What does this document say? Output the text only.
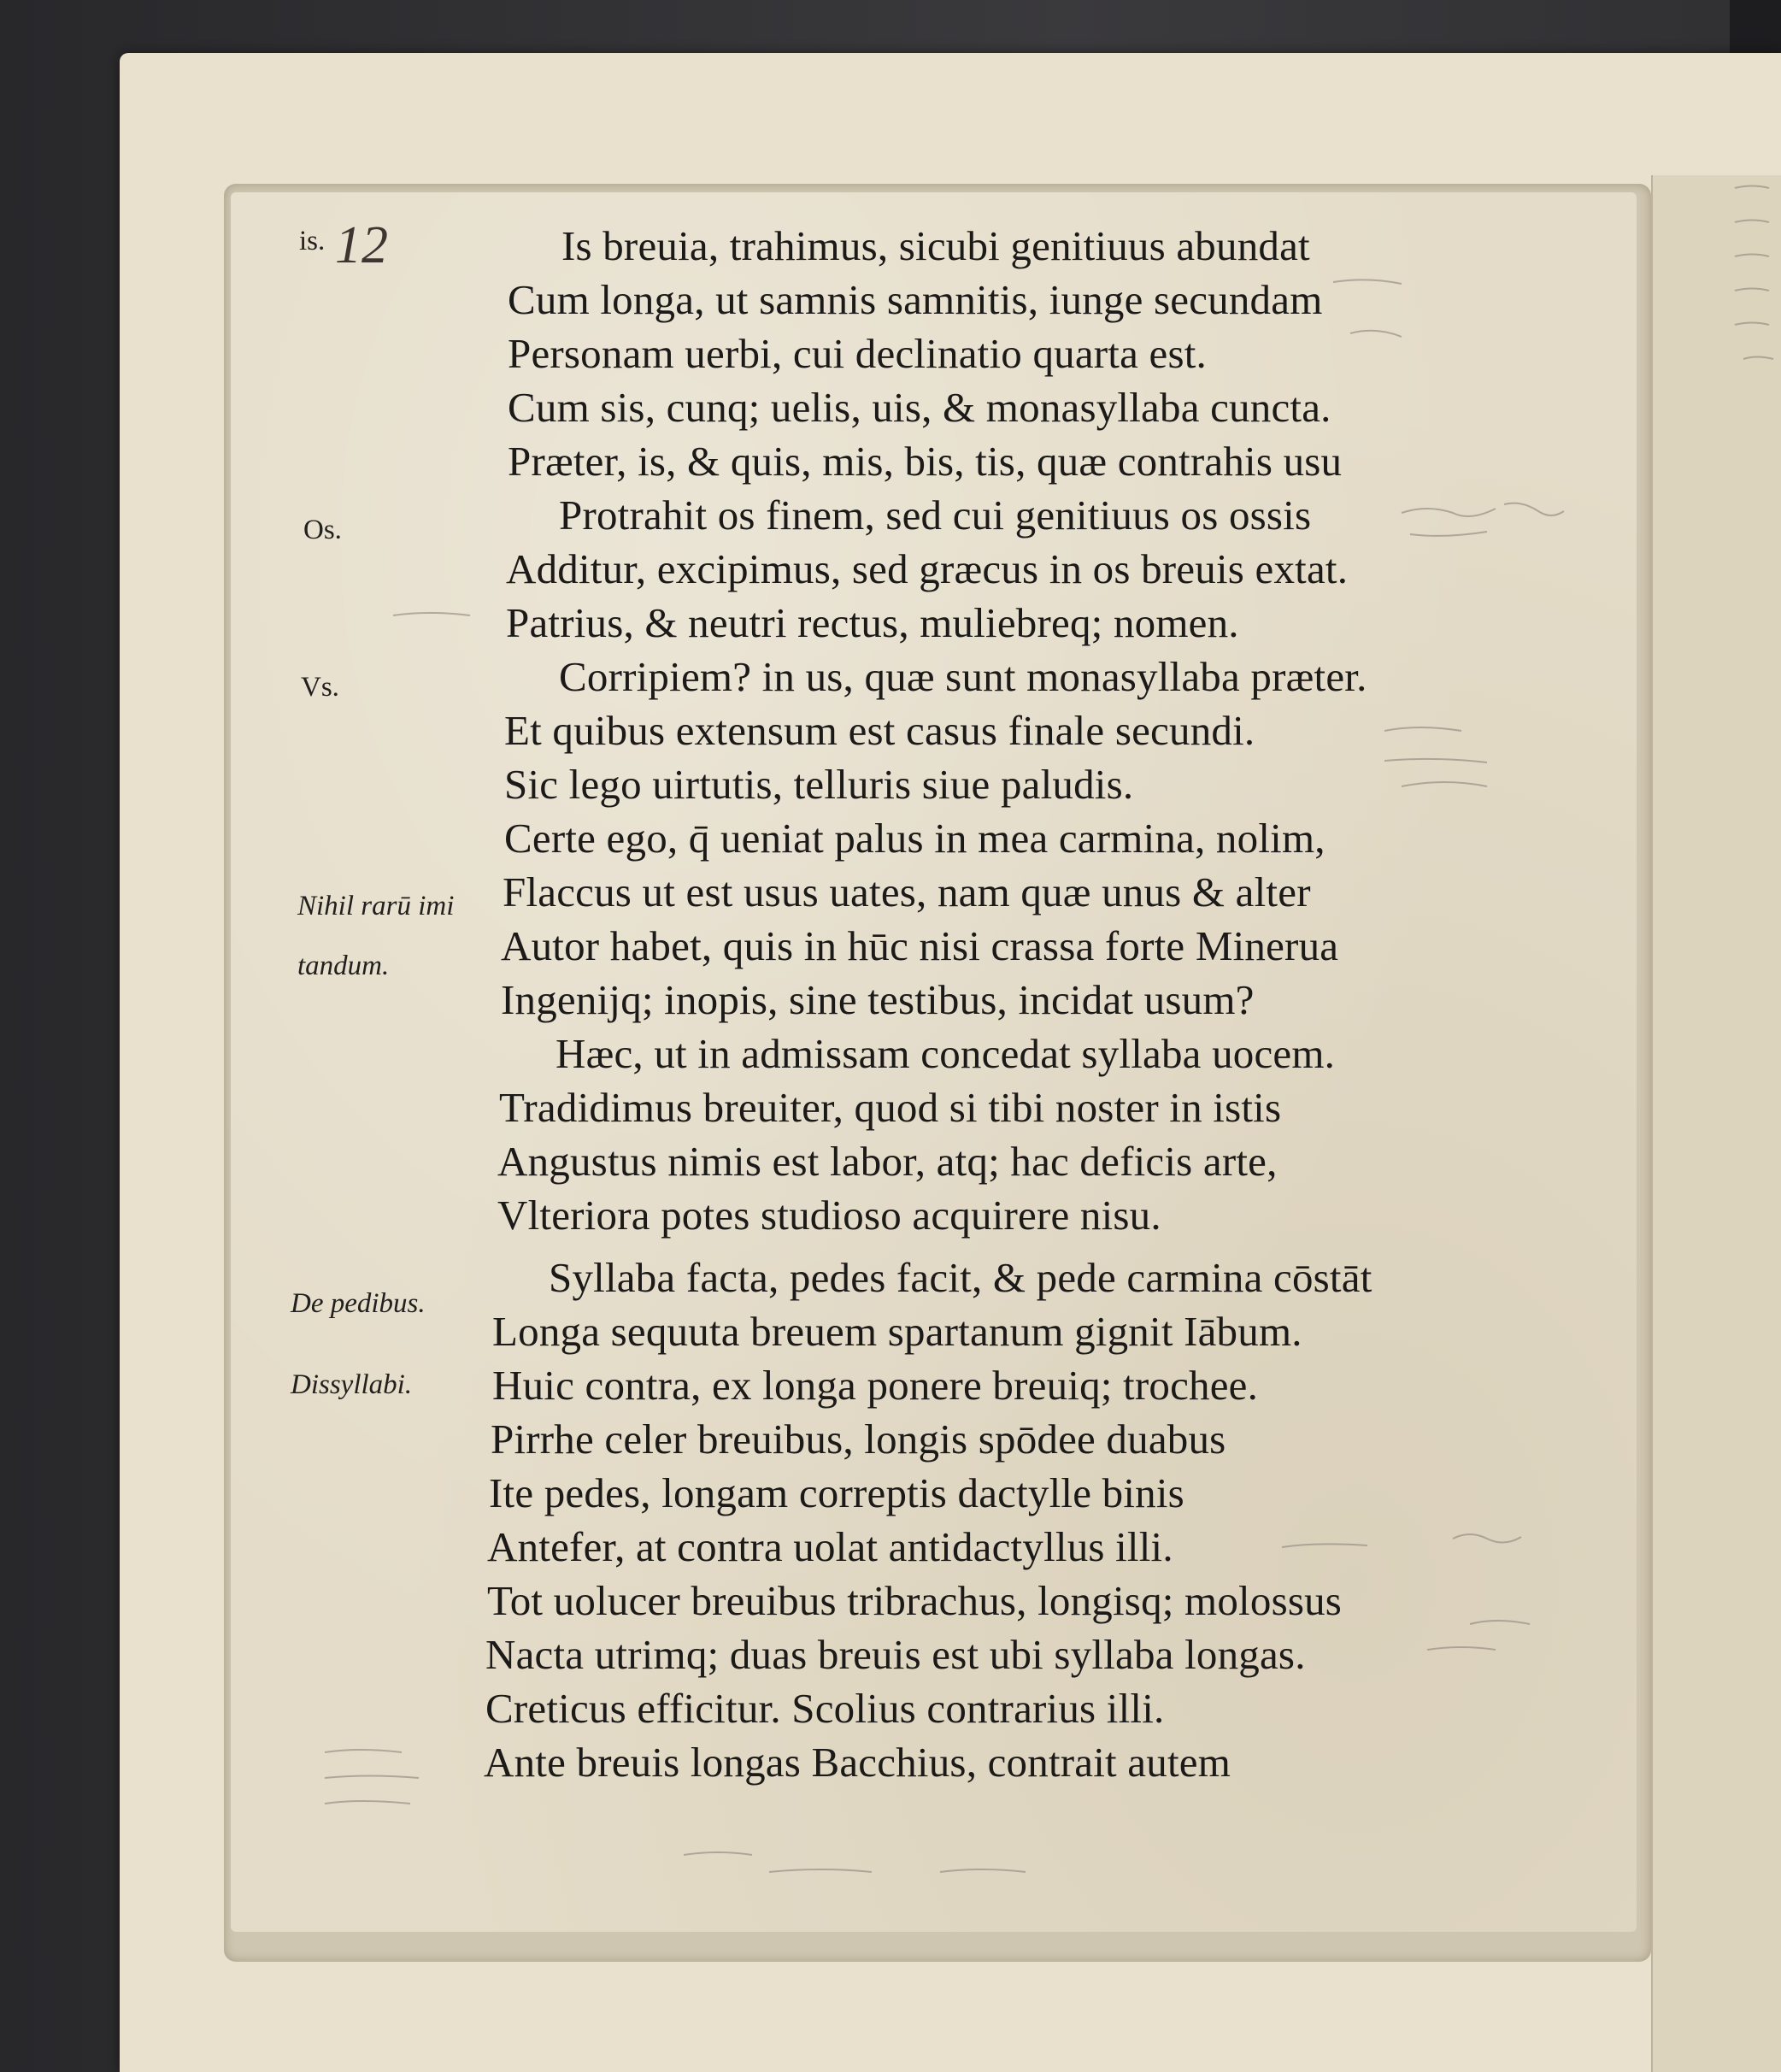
12
is.
Os.
Vs.
Nihil rarū imi
tandum.
De pedibus.
Dissyllabi.
Is breuia, trahimus, sicubi genitiuus abundat
Cum longa, ut samnis samnitis, iunge secundam
Personam uerbi, cui declinatio quarta est.
Cum sis, cunq; uelis, uis, & monasyllaba cuncta.
Præter, is, & quis, mis, bis, tis, quæ contrahis usu
Protrahit os finem, sed cui genitiuus os ossis
Additur, excipimus, sed græcus in os breuis extat.
Patrius, & neutri rectus, muliebreq; nomen.
Corripiem? in us, quæ sunt monasyllaba præter.
Et quibus extensum est casus finale secundi.
Sic lego uirtutis, telluris siue paludis.
Certe ego, q̄ ueniat palus in mea carmina, nolim,
Flaccus ut est usus uates, nam quæ unus & alter
Autor habet, quis in hūc nisi crassa forte Minerua
Ingenijq; inopis, sine testibus, incidat usum?
Hæc, ut in admissam concedat syllaba uocem.
Tradidimus breuiter, quod si tibi noster in istis
Angustus nimis est labor, atq; hac deficis arte,
Vlteriora potes studioso acquirere nisu.
Syllaba facta, pedes facit, & pede carmina cōstāt
Longa sequuta breuem spartanum gignit Iābum.
Huic contra, ex longa ponere breuiq; trochee.
Pirrhe celer breuibus, longis spōdee duabus
Ite pedes, longam correptis dactylle binis
Antefer, at contra uolat antidactyllus illi.
Tot uolucer breuibus tribrachus, longisq; molossus
Nacta utrimq; duas breuis est ubi syllaba longas.
Creticus efficitur. Scolius contrarius illi.
Ante breuis longas Bacchius, contrait autem
